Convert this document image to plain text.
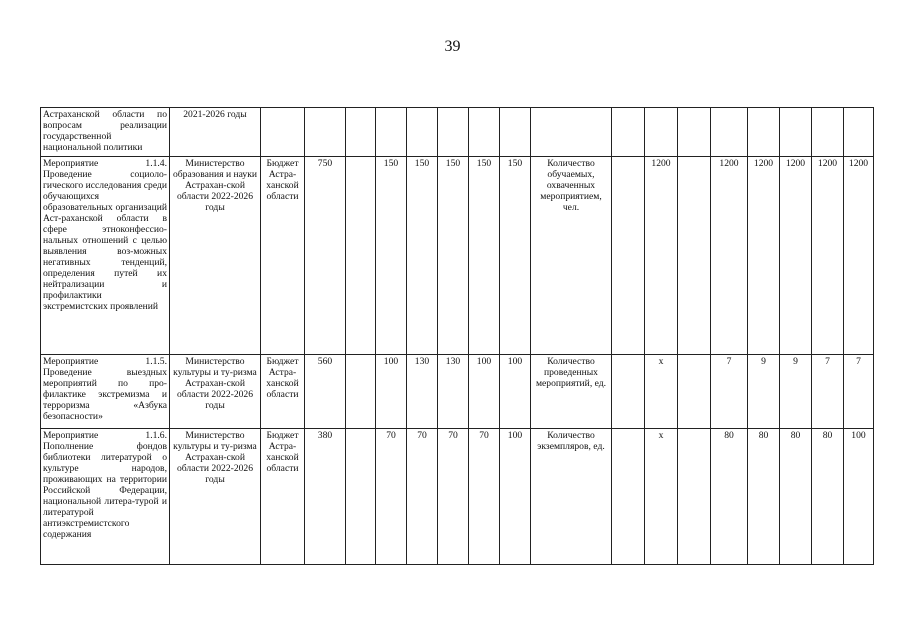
39
Астраханской области по вопросам реализации государственной национальной политики	2021-2026 годы																	
Мероприятие 1.1.4. Проведение социоло-гического исследования среди обучающихся образовательных организаций Аст-раханской области в сфере этноконфессио-нальных отношений с целью выявления воз-можных негативных тенденций, определения путей их нейтрализации и профилактики экстремистских проявлений	Министерство образования и науки Астрахан-ской области 2022-2026 годы	Бюджет Астра-ханской области	750		150	150	150	150	150	Количество обучаемых, охваченных мероприятием, чел.		1200		1200	1200	1200	1200	1200
Мероприятие 1.1.5. Проведение выездных мероприятий по про-филактике экстремизма и терроризма «Азбука безопасности»	Министерство культуры и ту-ризма Астрахан-ской области 2022-2026 годы	Бюджет Астра-ханской области	560		100	130	130	100	100	Количество проведенных мероприятий, ед.		x		7	9	9	7	7
Мероприятие 1.1.6. Пополнение фондов библиотеки литературой о культуре народов, проживающих на территории Российской Федерации, национальной литера-турой и литературой антиэкстремистского содержания	Министерство культуры и ту-ризма Астрахан-ской области 2022-2026 годы	Бюджет Астра-ханской области	380		70	70	70	70	100	Количество экземпляров, ед.		x		80	80	80	80	100
